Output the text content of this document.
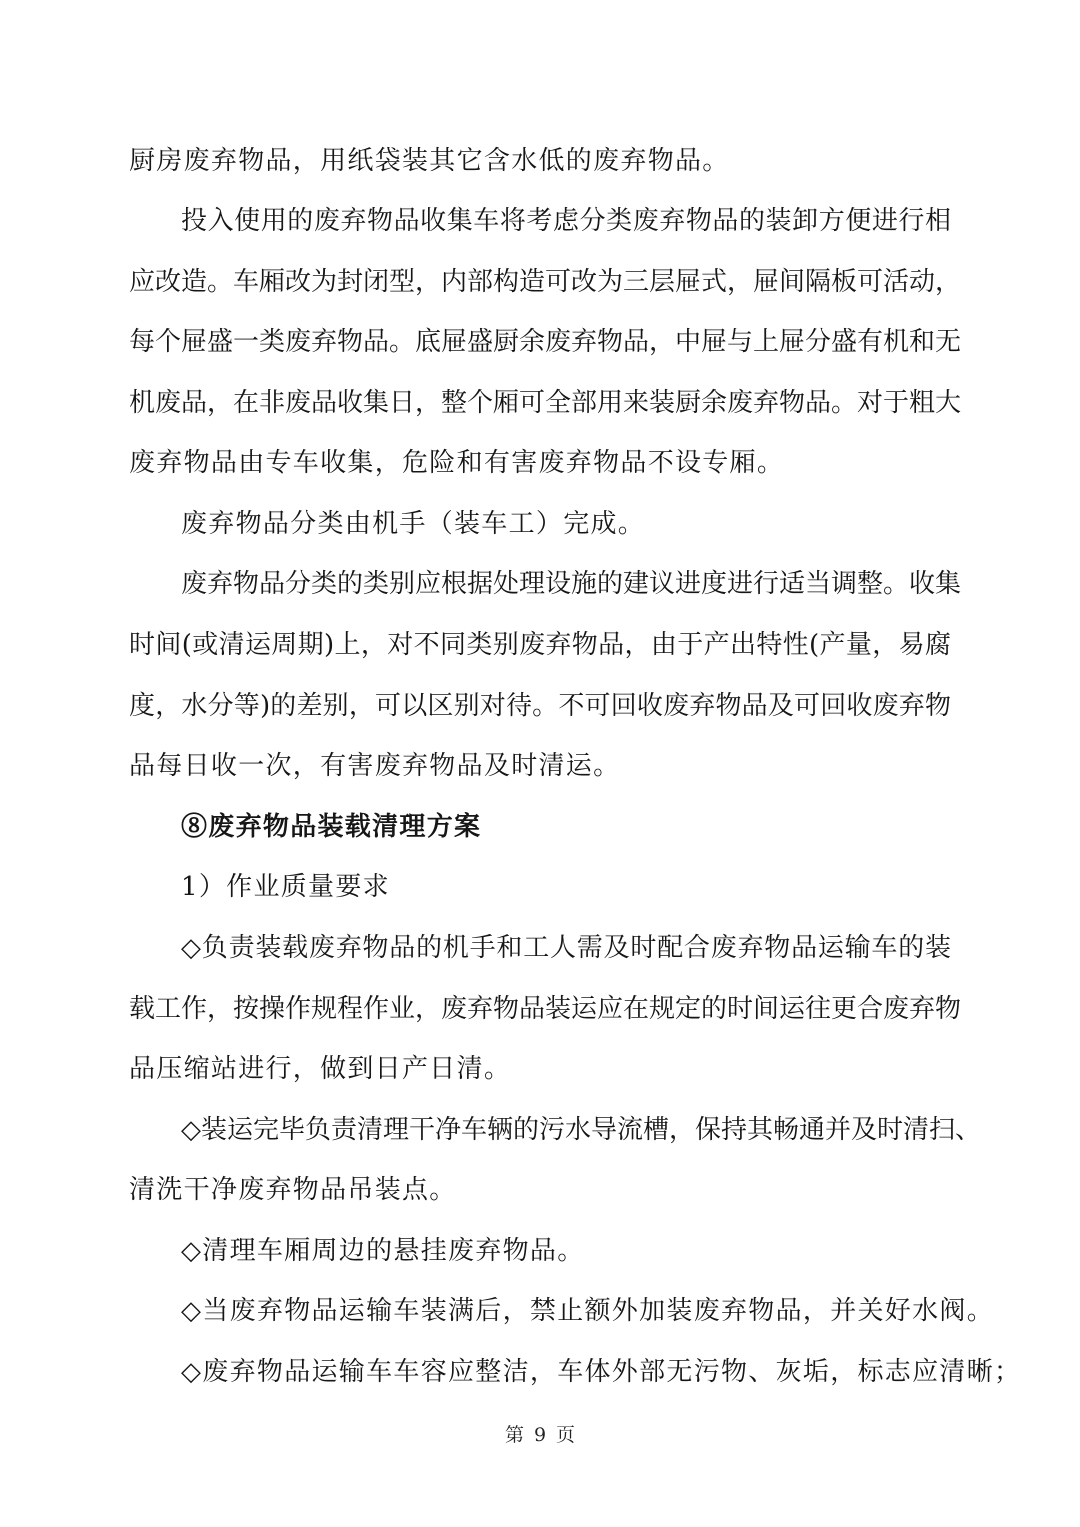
厨房废弃物品，用纸袋装其它含水低的废弃物品。
投入使用的废弃物品收集车将考虑分类废弃物品的装卸方便进行相
应改造。车厢改为封闭型，内部构造可改为三层屉式，屉间隔板可活动，
每个屉盛一类废弃物品。底屉盛厨余废弃物品，中屉与上屉分盛有机和无
机废品，在非废品收集日，整个厢可全部用来装厨余废弃物品。对于粗大
废弃物品由专车收集，危险和有害废弃物品不设专厢。
废弃物品分类由机手（装车工）完成。
废弃物品分类的类别应根据处理设施的建议进度进行适当调整。收集
时间(或清运周期)上，对不同类别废弃物品，由于产出特性(产量，易腐
度，水分等)的差别，可以区别对待。不可回收废弃物品及可回收废弃物
品每日收一次，有害废弃物品及时清运。
⑧废弃物品装载清理方案
1）作业质量要求
◇负责装载废弃物品的机手和工人需及时配合废弃物品运输车的装
载工作，按操作规程作业，废弃物品装运应在规定的时间运往更合废弃物
品压缩站进行，做到日产日清。
◇装运完毕负责清理干净车辆的污水导流槽，保持其畅通并及时清扫、
清洗干净废弃物品吊装点。
◇清理车厢周边的悬挂废弃物品。
◇当废弃物品运输车装满后，禁止额外加装废弃物品，并关好水阀。
◇废弃物品运输车车容应整洁，车体外部无污物、灰垢，标志应清晰；
第 9 页
